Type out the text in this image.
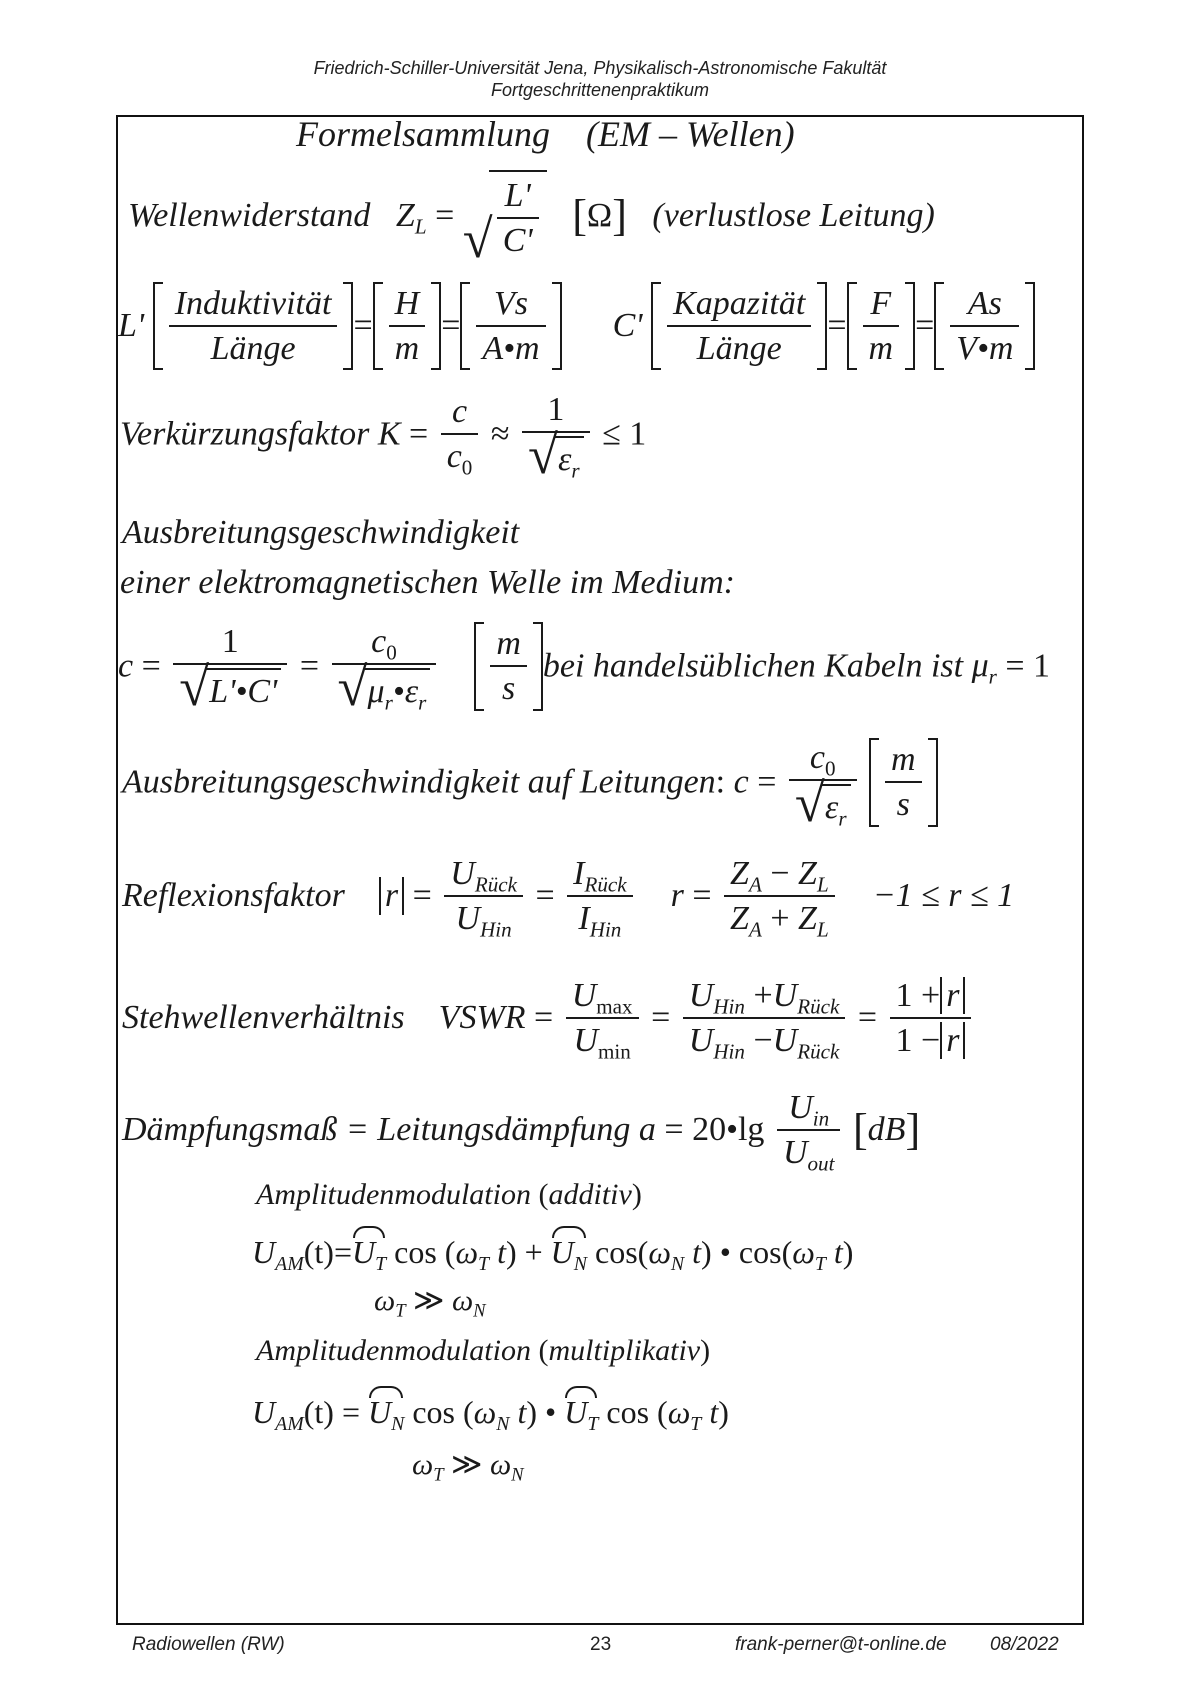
Friedrich-Schiller-Universität Jena, Physikalisch-Astronomische Fakultät
Fortgeschrittenenpraktikum
Formelsammlung (EM – Wellen)
Wellenwiderstand $Z_L$ = √ $\frac{L'}{C'} [\Omega]$ (verlustlose Leitung)
$L' \frac{\text{Induktivität}}{\text{Länge}} = \frac{H}{m} = \frac{Vs}{A•m} C' \frac{\text{Kapazität}}{\text{Länge}} = \frac{F}{m} = \frac{As}{V•m}$
Verkürzungsfaktor $K = \frac{c}{c_0} \approx \frac{1}{√ \varepsilon_r} \le 1$
Ausbreitungsgeschwindigkeit
einer elektromagnetischen Welle im Medium:
$c = \frac{1}{√ L'•C'} = \frac{c_0}{√ \mu_r•\varepsilon_r}$
$\frac{m}{s}$ bei handelsüblichen Kabeln ist $\mu_r = 1$
Ausbreitungsgeschwindigkeit auf Leitungen: $c = \frac{c_0}{√ \varepsilon_r}$
$\frac{m}{s}$
Reflexionsfaktor $r = \frac{U_{Rück}}{U_{Hin}} = \frac{I_{Rück}}{I_{Hin}}$ $r = \frac{Z_A - Z_L}{Z_A + Z_L} -1 \le r \le 1$
Stehwellenverhältnis VSWR = $\frac{U_{max}}{U_{min}} = \frac{U_{Hin} +U_{Rück}}{U_{Hin} -U_{Rück}} = \frac{1 + r}{1 - r}$
Dämpfungsmaß = Leitungsdämpfung a = 20•lg $\frac{U_{in}}{U_{out}} [dB]$
Amplitudenmodulation (additiv)
$U_{AM}(t)=U_T$ $\cos (\omega_T$ $t) + U_N$ $\cos(\omega_N$ t) • $\cos(\omega_T$ t)
$\omega_T$ ≫ $\omega_N$
Amplitudenmodulation (multiplikativ)
$U_{AM}(t) = U_N$ $\cos (\omega_N$ t) • $U_T$ $\cos (\omega_T$ t)
$\omega_T$ ≫ $\omega_N$
Radiowellen (RW)	23	frank-perner@t-online.de 08/2022
